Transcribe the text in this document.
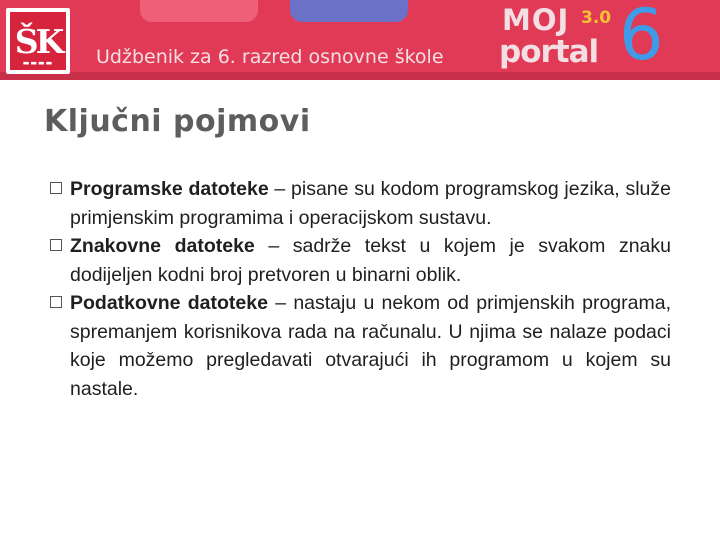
ŠK
▬▬▬▬	Udžbenik za 6. razred osnovne škole
MOJ 3.0
portal 6
Ključni pojmovi
Programske datoteke – pisane su kodom programskog jezika, služe primjenskim programima i operacijskom sustavu.
Znakovne datoteke – sadrže tekst u kojem je svakom znaku dodijeljen kodni broj pretvoren u binarni oblik.
Podatkovne datoteke – nastaju u nekom od primjenskih programa, spremanjem korisnikova rada na računalu. U njima se nalaze podaci koje možemo pregledavati otvarajući ih programom u kojem su nastale.
